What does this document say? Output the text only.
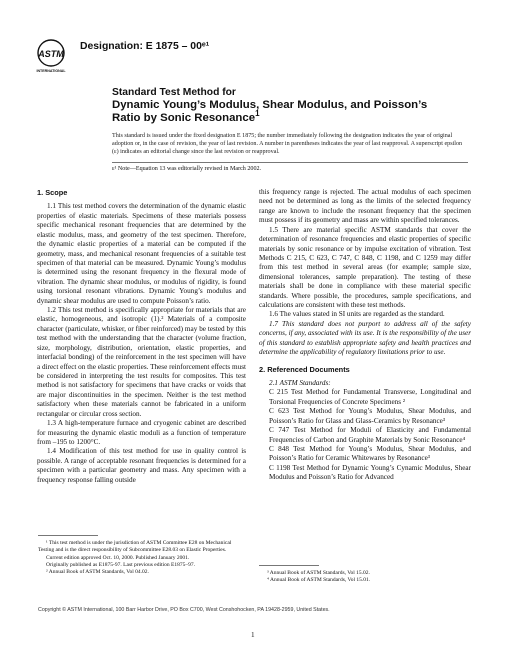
ASTM
INTERNATIONAL
Designation: E 1875 – 00ᵉ¹
Standard Test Method for
Dynamic Young’s Modulus, Shear Modulus, and Poisson’s
Ratio by Sonic Resonance$^1$
This standard is issued under the fixed designation E 1875; the number immediately following the designation indicates the year of original adoption or, in the case of revision, the year of last revision. A number in parentheses indicates the year of last reapproval. A superscript epsilon (ε) indicates an editorial change since the last revision or reapproval.
ε¹ Note—Equation 13 was editorially revised in March 2002.
1. Scope

1.1 This test method covers the determination of the dynamic elastic properties of elastic materials. Specimens of these materials possess specific mechanical resonant frequencies that are determined by the elastic modulus, mass, and geometry of the test specimen. Therefore, the dynamic elastic properties of a material can be computed if the geometry, mass, and mechanical resonant frequencies of a suitable test specimen of that material can be measured. Dynamic Young’s modulus is determined using the resonant frequency in the flexural mode of vibration. The dynamic shear modulus, or modulus of rigidity, is found using torsional resonant vibrations. Dynamic Young’s modulus and dynamic shear modulus are used to compute Poisson’s ratio.

1.2 This test method is specifically appropriate for materials that are elastic, homogeneous, and isotropic (1).² Materials of a composite character (particulate, whisker, or fiber reinforced) may be tested by this test method with the understanding that the character (volume fraction, size, morphology, distribution, orientation, elastic properties, and interfacial bonding) of the reinforcement in the test specimen will have a direct effect on the elastic properties. These reinforcement effects must be considered in interpreting the test results for composites. This test method is not satisfactory for specimens that have cracks or voids that are major discontinuities in the specimen. Neither is the test method satisfactory when these materials cannot be fabricated in a uniform rectangular or circular cross section.

1.3 A high-temperature furnace and cryogenic cabinet are described for measuring the dynamic elastic moduli as a function of temperature from –195 to 1200°C.

1.4 Modification of this test method for use in quality control is possible. A range of acceptable resonant frequencies is determined for a specimen with a particular geometry and mass. Any specimen with a frequency response falling outside

this frequency range is rejected. The actual modulus of each specimen need not be determined as long as the limits of the selected frequency range are known to include the resonant frequency that the specimen must possess if its geometry and mass are within specified tolerances.

1.5 There are material specific ASTM standards that cover the determination of resonance frequencies and elastic properties of specific materials by sonic resonance or by impulse excitation of vibration. Test Methods C 215, C 623, C 747, C 848, C 1198, and C 1259 may differ from this test method in several areas (for example; sample size, dimensional tolerances, sample preparation). The testing of these materials shall be done in compliance with these material specific standards. Where possible, the procedures, sample specifications, and calculations are consistent with these test methods.

1.6 The values stated in SI units are regarded as the standard.

1.7 This standard does not purport to address all of the safety concerns, if any, associated with its use. It is the responsibility of the user of this standard to establish appropriate safety and health practices and determine the applicability of regulatory limitations prior to use.

2. Referenced Documents

2.1 ASTM Standards:

C 215 Test Method for Fundamental Transverse, Longitudinal and Torsional Frequencies of Concrete Specimens ²

C 623 Test Method for Young’s Modulus, Shear Modulus, and Poisson’s Ratio for Glass and Glass-Ceramics by Resonance³

C 747 Test Method for Moduli of Elasticity and Fundamental Frequencies of Carbon and Graphite Materials by Sonic Resonance⁴

C 848 Test Method for Young’s Modulus, Shear Modulus, and Poisson’s Ratio for Ceramic Whitewares by Resonance³

C 1198 Test Method for Dynamic Young’s Cynamic Modulus, Shear Modulus and Poisson’s Ratio for Advanced

¹ This test method is under the jurisdiction of ASTM Committee E28 on Mechanical Testing and is the direct responsibility of Subcommittee E28.03 on Elastic Properties.

Current edition approved Oct. 10, 2000. Published January 2001.

Originally published as E1875-97. Last previous edition E1875–97.

² Annual Book of ASTM Standards, Vol 04.02.	³ Annual Book of ASTM Standards, Vol 15.02.

⁴ Annual Book of ASTM Standards, Vol 15.01.

Copyright © ASTM International, 100 Barr Harbor Drive, PO Box C700, West Conshohocken, PA 19428-2959, United States.
1
